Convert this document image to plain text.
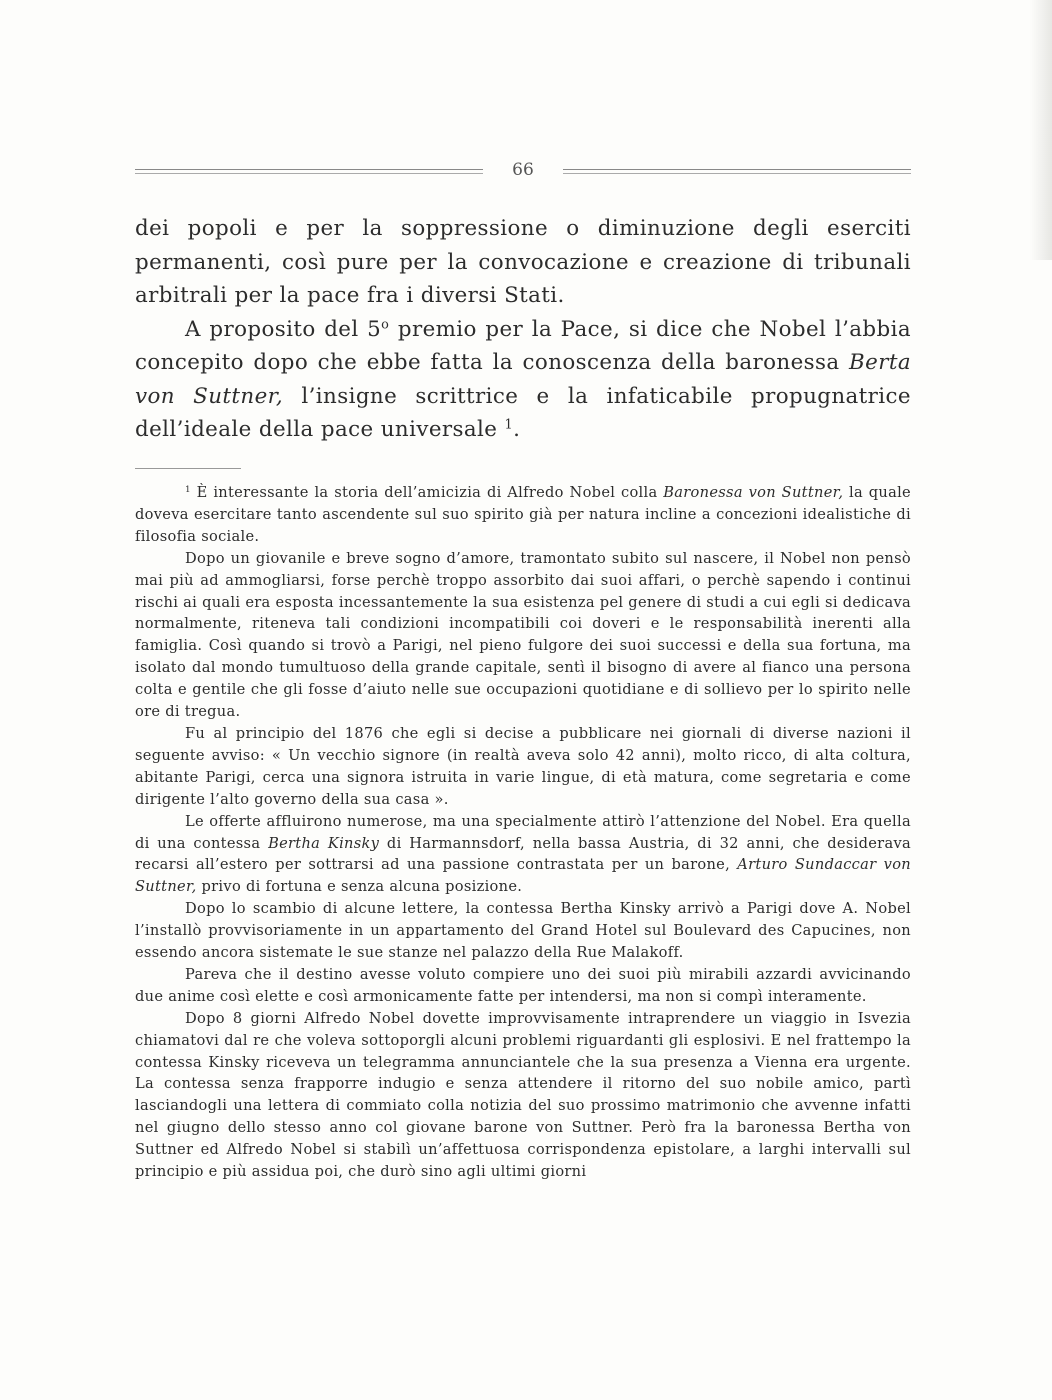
66

dei popoli e per la soppressione o diminuzione degli eserciti permanenti, così pure per la convocazione e creazione di tribunali arbitrali per la pace fra i diversi Stati.

A proposito del 5$^o$ premio per la Pace, si dice che Nobel l’abbia concepito dopo che ebbe fatta la conoscenza della baronessa Berta von Suttner, l’insigne scrittrice e la infaticabile propugnatrice dell’ideale della pace universale $^1$.

$^1$ È interessante la storia dell’amicizia di Alfredo Nobel colla Baronessa von Suttner, la quale doveva esercitare tanto ascendente sul suo spirito già per natura incline a concezioni idealistiche di filosofia sociale.

Dopo un giovanile e breve sogno d’amore, tramontato subito sul nascere, il Nobel non pensò mai più ad ammogliarsi, forse perchè troppo assorbito dai suoi affari, o perchè sapendo i continui rischi ai quali era esposta incessantemente la sua esistenza pel genere di studi a cui egli si dedicava normalmente, riteneva tali condizioni incompatibili coi doveri e le responsabilità inerenti alla famiglia. Così quando si trovò a Parigi, nel pieno fulgore dei suoi successi e della sua fortuna, ma isolato dal mondo tumultuoso della grande capitale, sentì il bisogno di avere al fianco una persona colta e gentile che gli fosse d’aiuto nelle sue occupazioni quotidiane e di sollievo per lo spirito nelle ore di tregua.

Fu al principio del 1876 che egli si decise a pubblicare nei giornali di diverse nazioni il seguente avviso: « Un vecchio signore (in realtà aveva solo 42 anni), molto ricco, di alta coltura, abitante Parigi, cerca una signora istruita in varie lingue, di età matura, come segretaria e come dirigente l’alto governo della sua casa ».

Le offerte affluirono numerose, ma una specialmente attirò l’attenzione del Nobel. Era quella di una contessa Bertha Kinsky di Harmannsdorf, nella bassa Austria, di 32 anni, che desiderava recarsi all’estero per sottrarsi ad una passione contrastata per un barone, Arturo Sundaccar von Suttner, privo di fortuna e senza alcuna posizione.

Dopo lo scambio di alcune lettere, la contessa Bertha Kinsky arrivò a Parigi dove A. Nobel l’installò provvisoriamente in un appartamento del Grand Hotel sul Boulevard des Capucines, non essendo ancora sistemate le sue stanze nel palazzo della Rue Malakoff.

Pareva che il destino avesse voluto compiere uno dei suoi più mirabili azzardi avvicinando due anime così elette e così armonicamente fatte per intendersi, ma non si compì interamente.

Dopo 8 giorni Alfredo Nobel dovette improvvisamente intraprendere un viaggio in Isvezia chiamatovi dal re che voleva sottoporgli alcuni problemi riguardanti gli esplosivi. E nel frattempo la contessa Kinsky riceveva un telegramma annunciantele che la sua presenza a Vienna era urgente. La contessa senza frapporre indugio e senza attendere il ritorno del suo nobile amico, partì lasciandogli una lettera di commiato colla notizia del suo prossimo matrimonio che avvenne infatti nel giugno dello stesso anno col giovane barone von Suttner. Però fra la baronessa Bertha von Suttner ed Alfredo Nobel si stabilì un’affettuosa corrispondenza epistolare, a larghi intervalli sul principio e più assidua poi, che durò sino agli ultimi giorni
